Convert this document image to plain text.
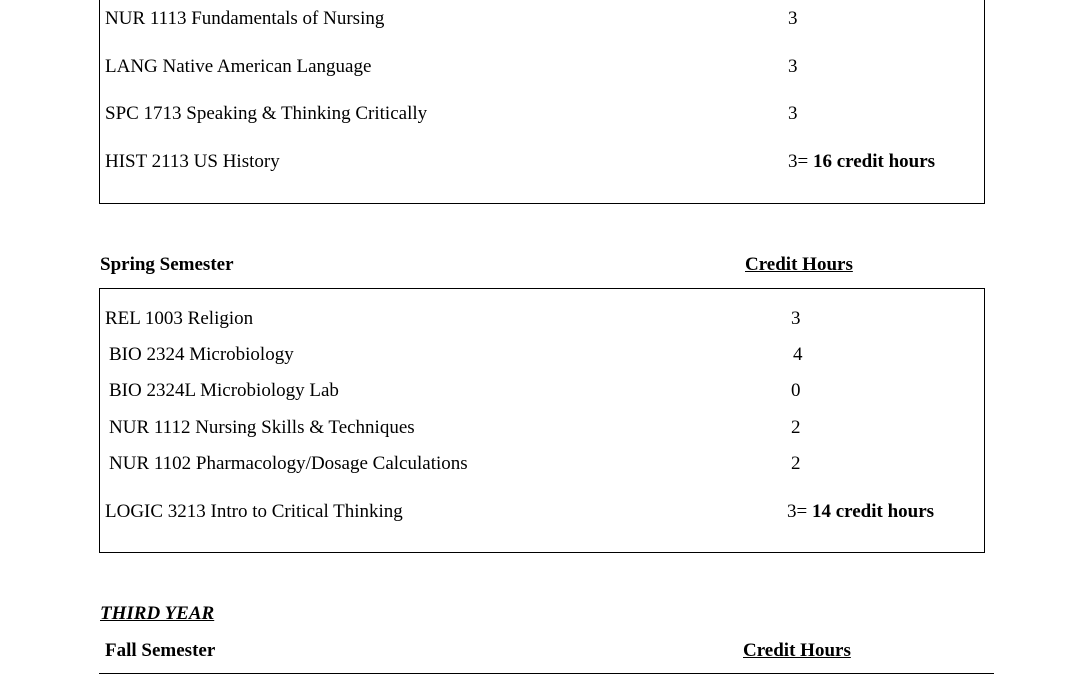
NUR 1113 Fundamentals of Nursing	3
LANG Native American Language	3
SPC 1713 Speaking & Thinking Critically	3
HIST 2113 US History	3= 16 credit hours
Spring Semester	Credit Hours
REL 1003 Religion	3
BIO 2324 Microbiology	4
BIO 2324L Microbiology Lab	0
NUR 1112 Nursing Skills & Techniques	2
NUR 1102 Pharmacology/Dosage Calculations	2
LOGIC 3213 Intro to Critical Thinking	3= 14 credit hours
THIRD YEAR
Fall Semester	Credit Hours
